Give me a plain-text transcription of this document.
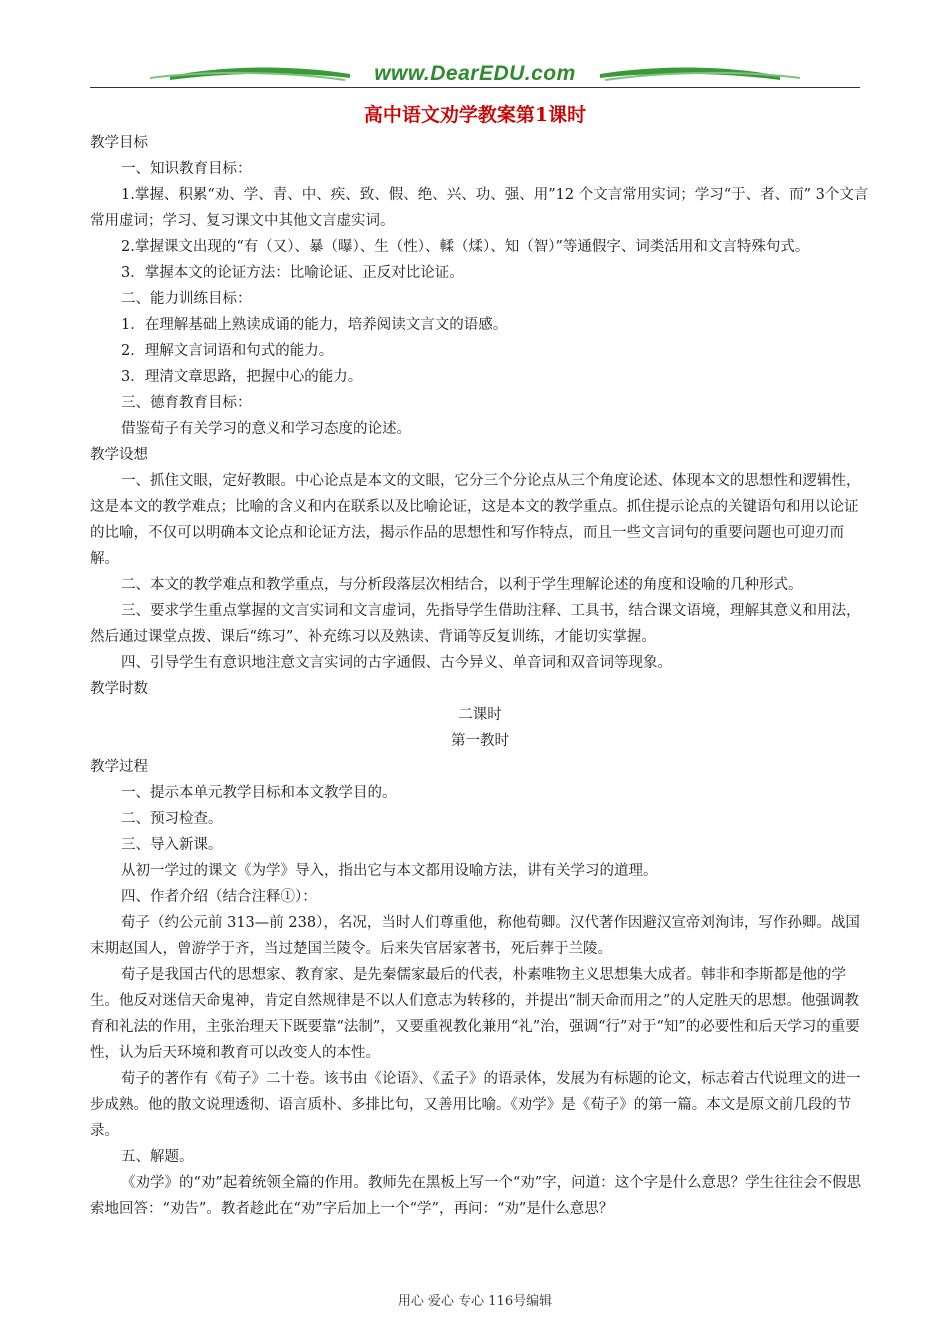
www.DearEDU.com
高中语文劝学教案第1课时

教学目标

一、知识教育目标：

1.掌握、积累“劝、学、青、中、疾、致、假、绝、兴、功、强、用”12 个文言常用实词；学习“于、者、而” 3个文言常用虚词；学习、复习课文中其他文言虚实词。

2.掌握课文出现的“有（又）、暴（曝）、生（性）、輮（煣）、知（智）”等通假字、词类活用和文言特殊句式。

3．掌握本文的论证方法：比喻论证、正反对比论证。

二、能力训练目标：

1．在理解基础上熟读成诵的能力，培养阅读文言文的语感。

2．理解文言词语和句式的能力。

3．理清文章思路，把握中心的能力。

三、德育教育目标：

借鉴荀子有关学习的意义和学习态度的论述。

教学设想

一、抓住文眼，定好教眼。中心论点是本文的文眼，它分三个分论点从三个角度论述、体现本文的思想性和逻辑性，这是本文的教学难点；比喻的含义和内在联系以及比喻论证，这是本文的教学重点。抓住提示论点的关键语句和用以论证的比喻，不仅可以明确本文论点和论证方法，揭示作品的思想性和写作特点，而且一些文言词句的重要问题也可迎刃而解。

二、本文的教学难点和教学重点，与分析段落层次相结合，以利于学生理解论述的角度和设喻的几种形式。

三、要求学生重点掌握的文言实词和文言虚词，先指导学生借助注释、工具书，结合课文语境，理解其意义和用法，然后通过课堂点拨、课后“练习”、补充练习以及熟读、背诵等反复训练，才能切实掌握。

四、引导学生有意识地注意文言实词的古字通假、古今异义、单音词和双音词等现象。

教学时数

二课时

第一教时

教学过程

一、提示本单元教学目标和本文教学目的。

二、预习检查。

三、导入新课。

从初一学过的课文《为学》导入，指出它与本文都用设喻方法，讲有关学习的道理。

四、作者介绍（结合注释①）：

荀子（约公元前 313—前 238），名况，当时人们尊重他，称他荀卿。汉代著作因避汉宣帝刘洵讳，写作孙卿。战国末期赵国人，曾游学于齐，当过楚国兰陵令。后来失官居家著书，死后葬于兰陵。

荀子是我国古代的思想家、教育家、是先秦儒家最后的代表，朴素唯物主义思想集大成者。韩非和李斯都是他的学生。他反对迷信天命鬼神，肯定自然规律是不以人们意志为转移的，并提出“制天命而用之”的人定胜天的思想。他强调教育和礼法的作用，主张治理天下既要靠“法制”，又要重视教化兼用“礼”治，强调“行”对于“知”的必要性和后天学习的重要性，认为后天环境和教育可以改变人的本性。

荀子的著作有《荀子》二十卷。该书由《论语》、《孟子》的语录体，发展为有标题的论文，标志着古代说理文的进一步成熟。他的散文说理透彻、语言质朴、多排比句，又善用比喻。《劝学》是《荀子》的第一篇。本文是原文前几段的节录。

五、解题。

《劝学》的“劝”起着统领全篇的作用。教师先在黑板上写一个“劝”字，问道：这个字是什么意思？学生往往会不假思索地回答：“劝告”。教者趁此在“劝”字后加上一个“学”，再问：“劝”是什么意思？

用心 爱心 专心 116号编辑
